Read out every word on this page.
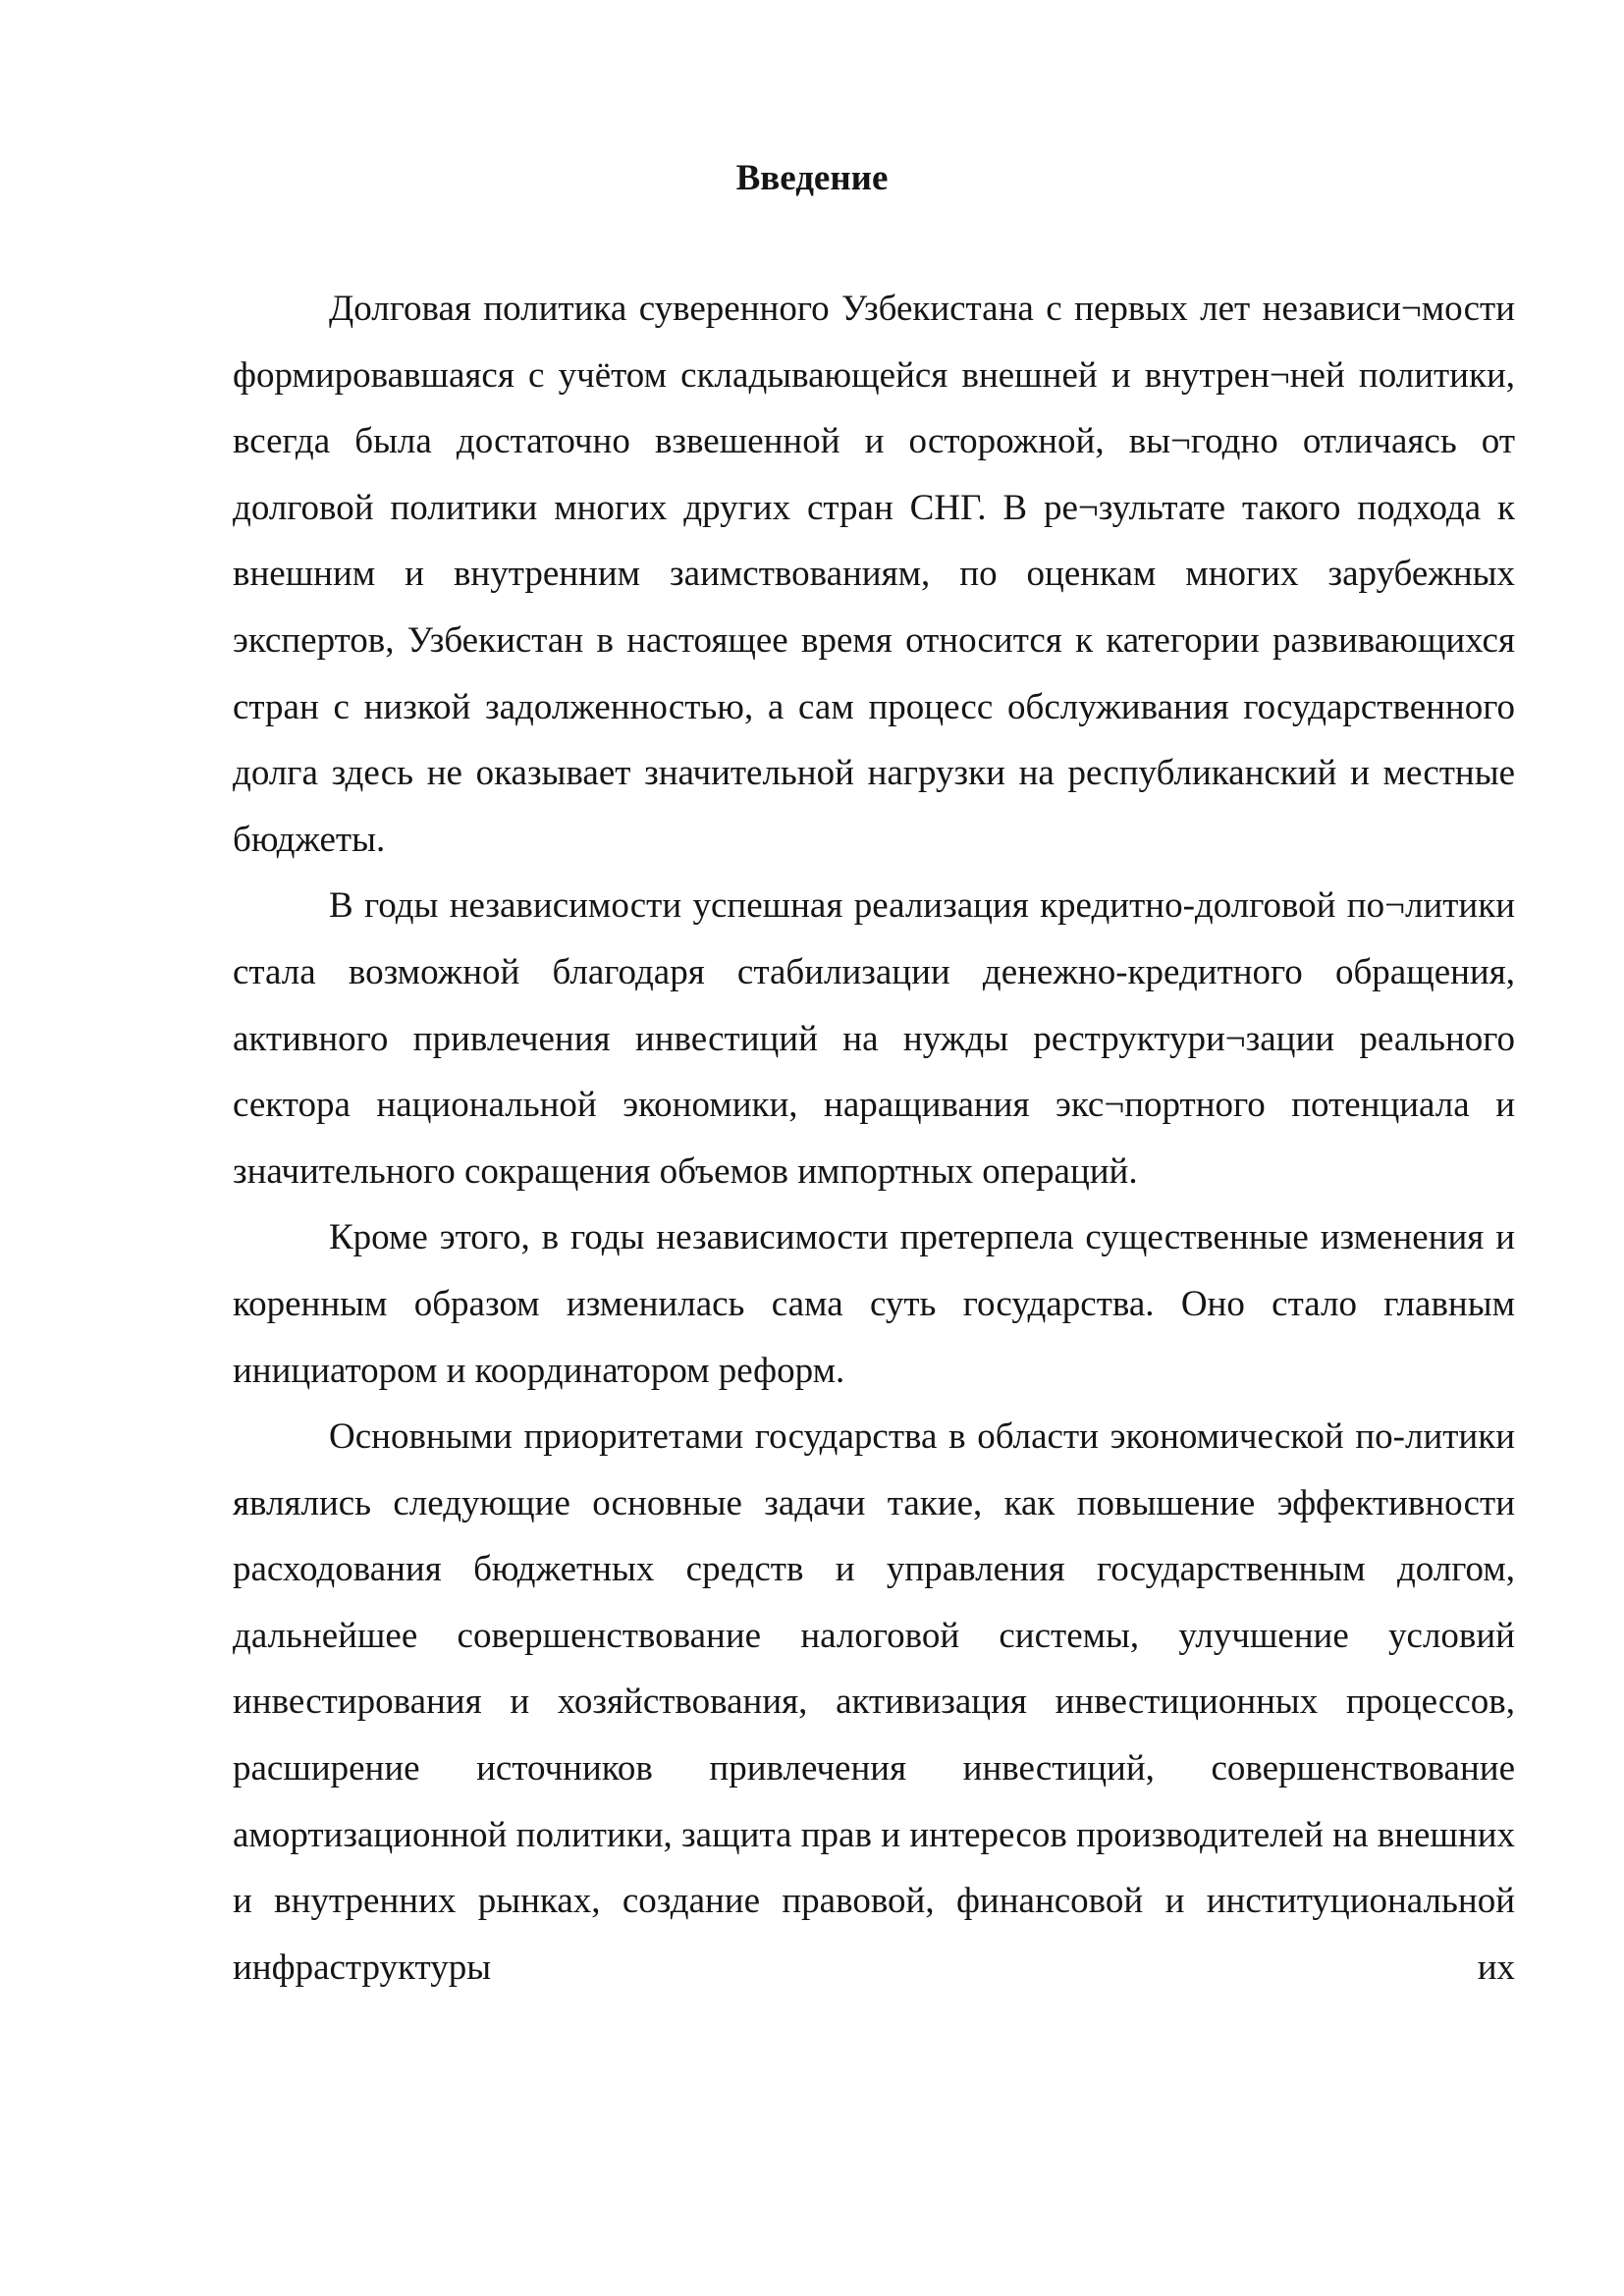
Введение

Долговая политика суверенного Узбекистана с первых лет независи¬мости формировавшаяся с учётом складывающейся внешней и внутрен¬ней политики, всегда была достаточно взвешенной и осторожной, вы¬годно отличаясь от долговой политики многих других стран СНГ. В ре¬зультате такого подхода к внешним и внутренним заимствованиям, по оценкам многих зарубежных экспертов, Узбекистан в настоящее время относится к категории развивающихся стран с низкой задолженностью, а сам процесс обслуживания государственного долга здесь не оказывает значительной нагрузки на республиканский и местные бюджеты.

В годы независимости успешная реализация кредитно-долговой по¬литики стала возможной благодаря стабилизации денежно-кредитного обращения, активного привлечения инвестиций на нужды реструктури¬зации реального сектора национальной экономики, наращивания экс¬портного потенциала и значительного сокращения объемов импортных операций.

Кроме этого, в годы независимости претерпела существенные изменения и коренным образом изменилась сама суть государства. Оно стало главным инициатором и координатором реформ.

Основными приоритетами государства в области экономической по-литики являлись следующие основные задачи такие, как повышение эффективности расходования бюджетных средств и управления государственным долгом, дальнейшее совершенствование налоговой системы, улучшение условий инвестирования и хозяйствования, активизация инвестиционных процессов, расширение источников привлечения инвестиций, совершенствование амортизационной политики, защита прав и интересов производителей на внешних и внутренних рынках, создание правовой, финансовой и институциональной инфраструктуры их
